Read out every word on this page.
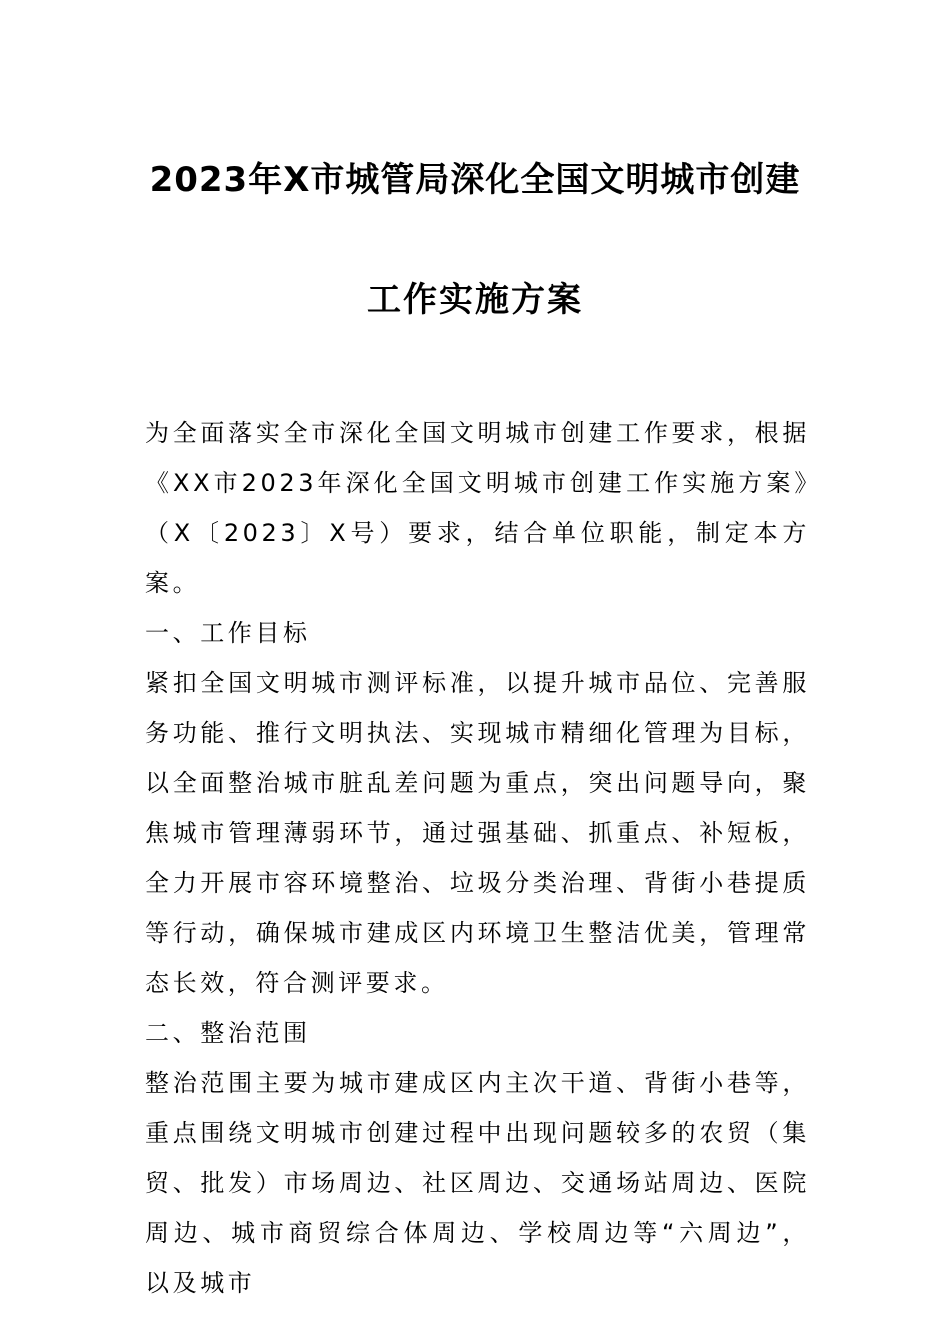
2023年X市城管局深化全国文明城市创建
工作实施方案

为全面落实全市深化全国文明城市创建工作要求，根据《XX市2023年深化全国文明城市创建工作实施方案》（X〔2023〕X号）要求，结合单位职能，制定本方案。

一、工作目标

紧扣全国文明城市测评标准，以提升城市品位、完善服务功能、推行文明执法、实现城市精细化管理为目标，以全面整治城市脏乱差问题为重点，突出问题导向，聚焦城市管理薄弱环节，通过强基础、抓重点、补短板，全力开展市容环境整治、垃圾分类治理、背街小巷提质等行动，确保城市建成区内环境卫生整洁优美，管理常态长效，符合测评要求。

二、整治范围

整治范围主要为城市建成区内主次干道、背街小巷等，重点围绕文明城市创建过程中出现问题较多的农贸（集贸、批发）市场周边、社区周边、交通场站周边、医院周边、城市商贸综合体周边、学校周边等“六周边”，以及城市
